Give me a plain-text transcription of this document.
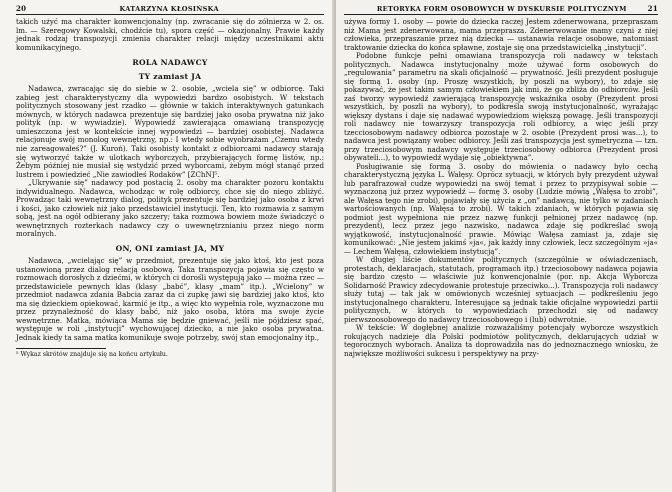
20	KATARZYNA KŁOSIŃSKA

takich użyć ma charakter konwencjonalny (np. zwracanie się do zółnierza w 2. os. lm. — Szeregowy Kowalski, chodźcie tu), spora część — okazjonalny. Prawie każdy jednak rodzaj transpozycji zmienia charakter relacji między uczestnikami aktu komunikacyjnego.

ROLA NADAWCY
TY zamiast JA

Nadawca, zwracając się do siebie w 2. osobie, „wciela się” w odbiorcę. Taki zabieg jest charakterystyczny dla wypowiedzi bardzo osobistych. W tekstach politycznych stosowany jest rzadko — głównie w takich interaktywnych gatunkach mównych, w których nadawca prezentuje się bardziej jako osoba prywatna niż jako polityk (np. w wywiadzie). Wypowiedź zawierająca omawianą transpozycję umieszczona jest w kontekście innej wypowiedzi — bardziej osobistej. Nadawca relacjonuje swój monolog wewnętrzny, np.: I wtedy sobie wyobrażam „Czemu wtedy nie zareagowałeś?” (J. Kuroń). Taki osobisty kontakt z odbiorcami nadawcy starają się wytworzyć także w ulotkach wyborczych, przybierających formę listów, np.: Żebym później nie musiał się wstydzić przed wyborcami, żebym mógł stanąć przed lustrem i powiedzieć „Nie zawiodłeś Rodaków” [ZChN]⁵.

„Ukrywanie się” nadawcy pod postacią 2. osoby ma charakter pozoru kontaktu indywidualnego. Nadawca, wchodząc w rolę odbiorcy, chce się do niego zbliżyć. Prowadząc taki wewnętrzny dialog, polityk prezentuje się bardziej jako osoba z krwi i kości, jako człowiek niż jako przedstawiciel instytucji. Ten, kto rozmawia z samym sobą, jest na ogół odbierany jako szczery; taka rozmowa bowiem może świadczyć o wewnętrznych rozterkach nadawcy czy o uwewnętrznianiu przez niego norm moralnych.

ON, ONI zamiast JA, MY

Nadawca, „wcielając się” w przedmiot, prezentuje się jako ktoś, kto jest poza ustanowioną przez dialog relacją osobową. Taka transpozycja pojawia się często w rozmowach dorosłych z dziećmi, w których ci dorośli występują jako — można rzec — przedstawiciele pewnych klas (klasy „babć”, klasy „mam” itp.). „Wcielony” w przedmiot nadawca zdania Babcia zaraz da ci zupkę jawi się bardziej jako ktoś, kto ma się dzieckiem opiekować, karmić je itp., a więc kto wypełnia role, wyznaczone mu przez przynależność do klasy babć, niż jako osoba, która ma swoje życie wewnętrzne. Matka, mówiąca Mama się będzie gniewać, jeśli nie pójdziesz spać, występuje w roli „instytucji” wychowującej dziecko, a nie jako osoba prywatna. Jednak kiedy ta sama matka komunikuje swoje potrzeby, swój stan emocjonalny itp.,

⁵ Wykaz skrótów znajduje się na końcu artykułu.
RETORYKA FORM OSOBOWYCH W DYSKURSIE POLITYCZNYM	21

używa formy 1. osoby — powie do dziecka raczej Jestem zdenerwowana, przepraszam niż Mama jest zdenerwowana, mama przeprasza. Zdenerwowanie mamy czyni z niej człowieka, przepraszanie przez nią dziecka — ustanawia relacje osobowe, natomiast traktowanie dziecka do końca spławne, zostaje się ona przedstawicielką „instytucji”.

Podobne funkcje pełni omawiana transpozycja roli nadawcy w tekstach politycznych. Nadawca instytucjonalny może używać form osobowych do „regulowania” parametru na skali oficjalność — prywatność. Jeśli prezydent posługuje się formą 1. osoby (np. Proszę wszystkich, by poszli na wybory), to zdaje się pokazywać, że jest takim samym człowiekiem jak inni, że go zbliża do odbiorców. Jeśli zaś tworzy wypowiedź zawierającą transpozycję wskaźnika osoby (Prezydent prosi wszystkich, by poszli na wybory), to podkreśla swoją instytucjonalność, wyrażając większy dystans i daje się nadawać wypowiedziom większą powagę. Jeśli transpozycji roli nadawcy nie towarzyszy transpozycja roli odbiorcy, a więc jeśli przy tzecciosobowym nadawcy odbiorca pozostaje w 2. osobie (Prezydent prosi was...), to nadawca jest powiązany wobec odbiorcy. Jeśli zaś transpozycja jest symetryczna — tzn. przy trzeciosobowym nadawcy występuje trzeciosobowy odbiorca (Prezydent prosi obywateli...), to wypowiedź wydaje się „obiektywna”.

Posługiwanie się formą 3. osoby do mówienia o nadawcy było cechą charakterystyczną języka L. Wałęsy. Oprócz sytuacji, w których były prezydent używał lub parafrazował cudze wypowiedzi na swój temat i przez to przypisywał sobie — wyznaczoną już przez wypowiedź — formę 3. osoby (Ludzie mówią „Wałęsa to zrobi”, ale Wałęsa tego nie zrobi), pojawiały się użycia z „on” nadawcą, nie tylko w zadaniach wartościowanych (np. Wałęsa to zrobi). W takich zdaniach, w których pojawia się podmiot jest wypełniona nie przez nazwę funkcji pełnionej przez nadawcę (np. prezydent), lecz przez jego nazwisko, nadawca zdaje się podkreślać swoją wyjątkowość, instytucjonalność prawie. Mówiąc Wałęsa zamiast ja, zdaje się komunikować: „Nie jestem jakimś »ja«, jak każdy inny człowiek, lecz szczególnym »ja« — Lechem Wałęsą, człowiekiem instytucją”.

W długiej liście dokumentów politycznych (szczególnie w oświadczeniach, protestach, deklaracjach, statutach, programach itp.) trzeciosobowy nadawca pojawia się bardzo często — właściwie już konwencjonalnie (por. np. Akcja Wyborcza Solidarność Prawicy zdecydowanie protestuje przeciwko...). Transpozycja roli nadawcy służy tutaj — tak jak w omówionych wcześniej sytuacjach — podkreśleniu jego instytucjonalnego charakteru. Interesujące są jednak takie oficjalne wypowiedzi partii politycznych, w których to wypowiedziach przechodzi się od nadawcy pierwszoosobowego do nadawcy trzeciosobowego i (lub) odwrotnie.

W tekście: W dogłębnej analizie rozważaliśmy potencjały wyborcze wszystkich rokujących nadzieje dla Polski podmiotów politycznych, deklarujących udział w tegorocznych wyborach. Analiza ta doprowadziła nas do jednoznacznego wniosku, że największe możliwości sukcesu i perspektywy na przy-
